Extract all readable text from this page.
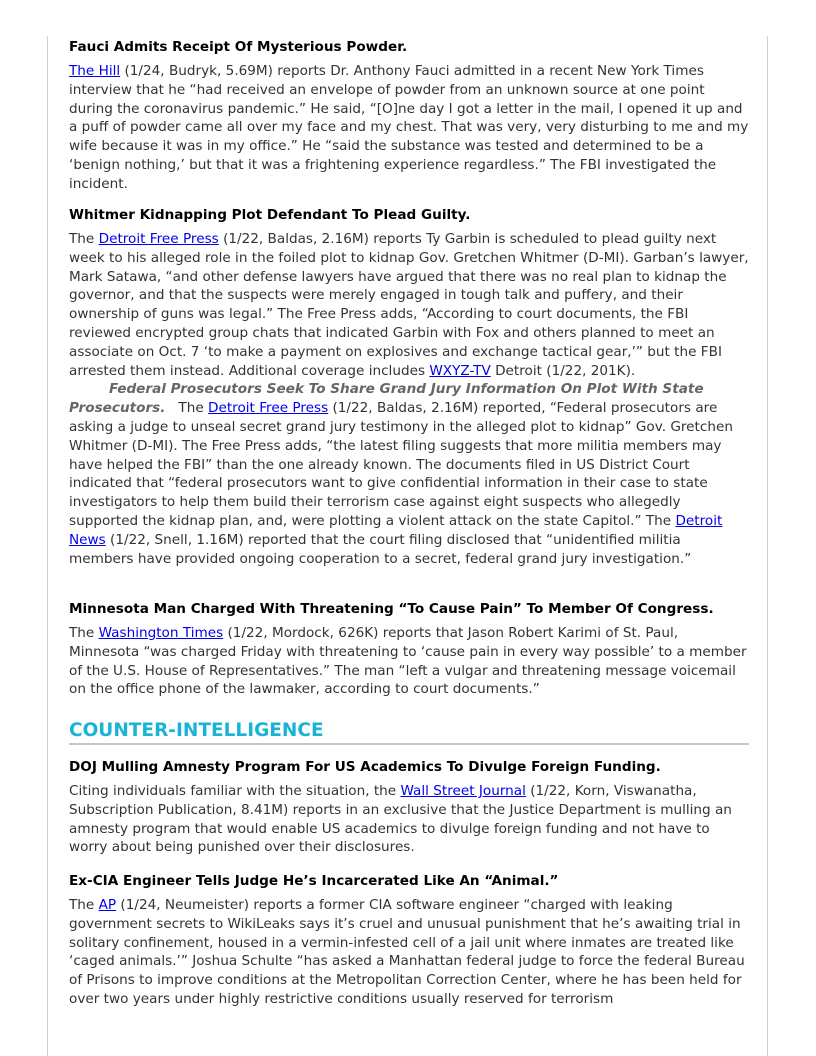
Fauci Admits Receipt Of Mysterious Powder.

The Hill (1/24, Budryk, 5.69M) reports Dr. Anthony Fauci admitted in a recent New York Times interview that he “had received an envelope of powder from an unknown source at one point during the coronavirus pandemic.” He said, “[O]ne day I got a letter in the mail, I opened it up and a puff of powder came all over my face and my chest. That was very, very disturbing to me and my wife because it was in my office.” He “said the substance was tested and determined to be a ‘benign nothing,’ but that it was a frightening experience regardless.” The FBI investigated the incident.

Whitmer Kidnapping Plot Defendant To Plead Guilty.

The Detroit Free Press (1/22, Baldas, 2.16M) reports Ty Garbin is scheduled to plead guilty next week to his alleged role in the foiled plot to kidnap Gov. Gretchen Whitmer (D-MI). Garban’s lawyer, Mark Satawa, “and other defense lawyers have argued that there was no real plan to kidnap the governor, and that the suspects were merely engaged in tough talk and puffery, and their ownership of guns was legal.” The Free Press adds, “According to court documents, the FBI reviewed encrypted group chats that indicated Garbin with Fox and others planned to meet an associate on Oct. 7 ‘to make a payment on explosives and exchange tactical gear,’” but the FBI arrested them instead. Additional coverage includes WXYZ-TV Detroit (1/22, 201K).

Federal Prosecutors Seek To Share Grand Jury Information On Plot With State Prosecutors. The Detroit Free Press (1/22, Baldas, 2.16M) reported, “Federal prosecutors are asking a judge to unseal secret grand jury testimony in the alleged plot to kidnap” Gov. Gretchen Whitmer (D-MI). The Free Press adds, “the latest filing suggests that more militia members may have helped the FBI” than the one already known. The documents filed in US District Court indicated that “federal prosecutors want to give confidential information in their case to state investigators to help them build their terrorism case against eight suspects who allegedly supported the kidnap plan, and, were plotting a violent attack on the state Capitol.” The Detroit News (1/22, Snell, 1.16M) reported that the court filing disclosed that “unidentified militia members have provided ongoing cooperation to a secret, federal grand jury investigation.”

Minnesota Man Charged With Threatening “To Cause Pain” To Member Of Congress.

The Washington Times (1/22, Mordock, 626K) reports that Jason Robert Karimi of St. Paul, Minnesota “was charged Friday with threatening to ‘cause pain in every way possible’ to a member of the U.S. House of Representatives.” The man “left a vulgar and threatening message voicemail on the office phone of the lawmaker, according to court documents.”

COUNTER-INTELLIGENCE
DOJ Mulling Amnesty Program For US Academics To Divulge Foreign Funding.

Citing individuals familiar with the situation, the Wall Street Journal (1/22, Korn, Viswanatha, Subscription Publication, 8.41M) reports in an exclusive that the Justice Department is mulling an amnesty program that would enable US academics to divulge foreign funding and not have to worry about being punished over their disclosures.

Ex-CIA Engineer Tells Judge He’s Incarcerated Like An “Animal.”

The AP (1/24, Neumeister) reports a former CIA software engineer “charged with leaking government secrets to WikiLeaks says it’s cruel and unusual punishment that he’s awaiting trial in solitary confinement, housed in a vermin-infested cell of a jail unit where inmates are treated like ‘caged animals.’” Joshua Schulte “has asked a Manhattan federal judge to force the federal Bureau of Prisons to improve conditions at the Metropolitan Correction Center, where he has been held for over two years under highly restrictive conditions usually reserved for terrorism
